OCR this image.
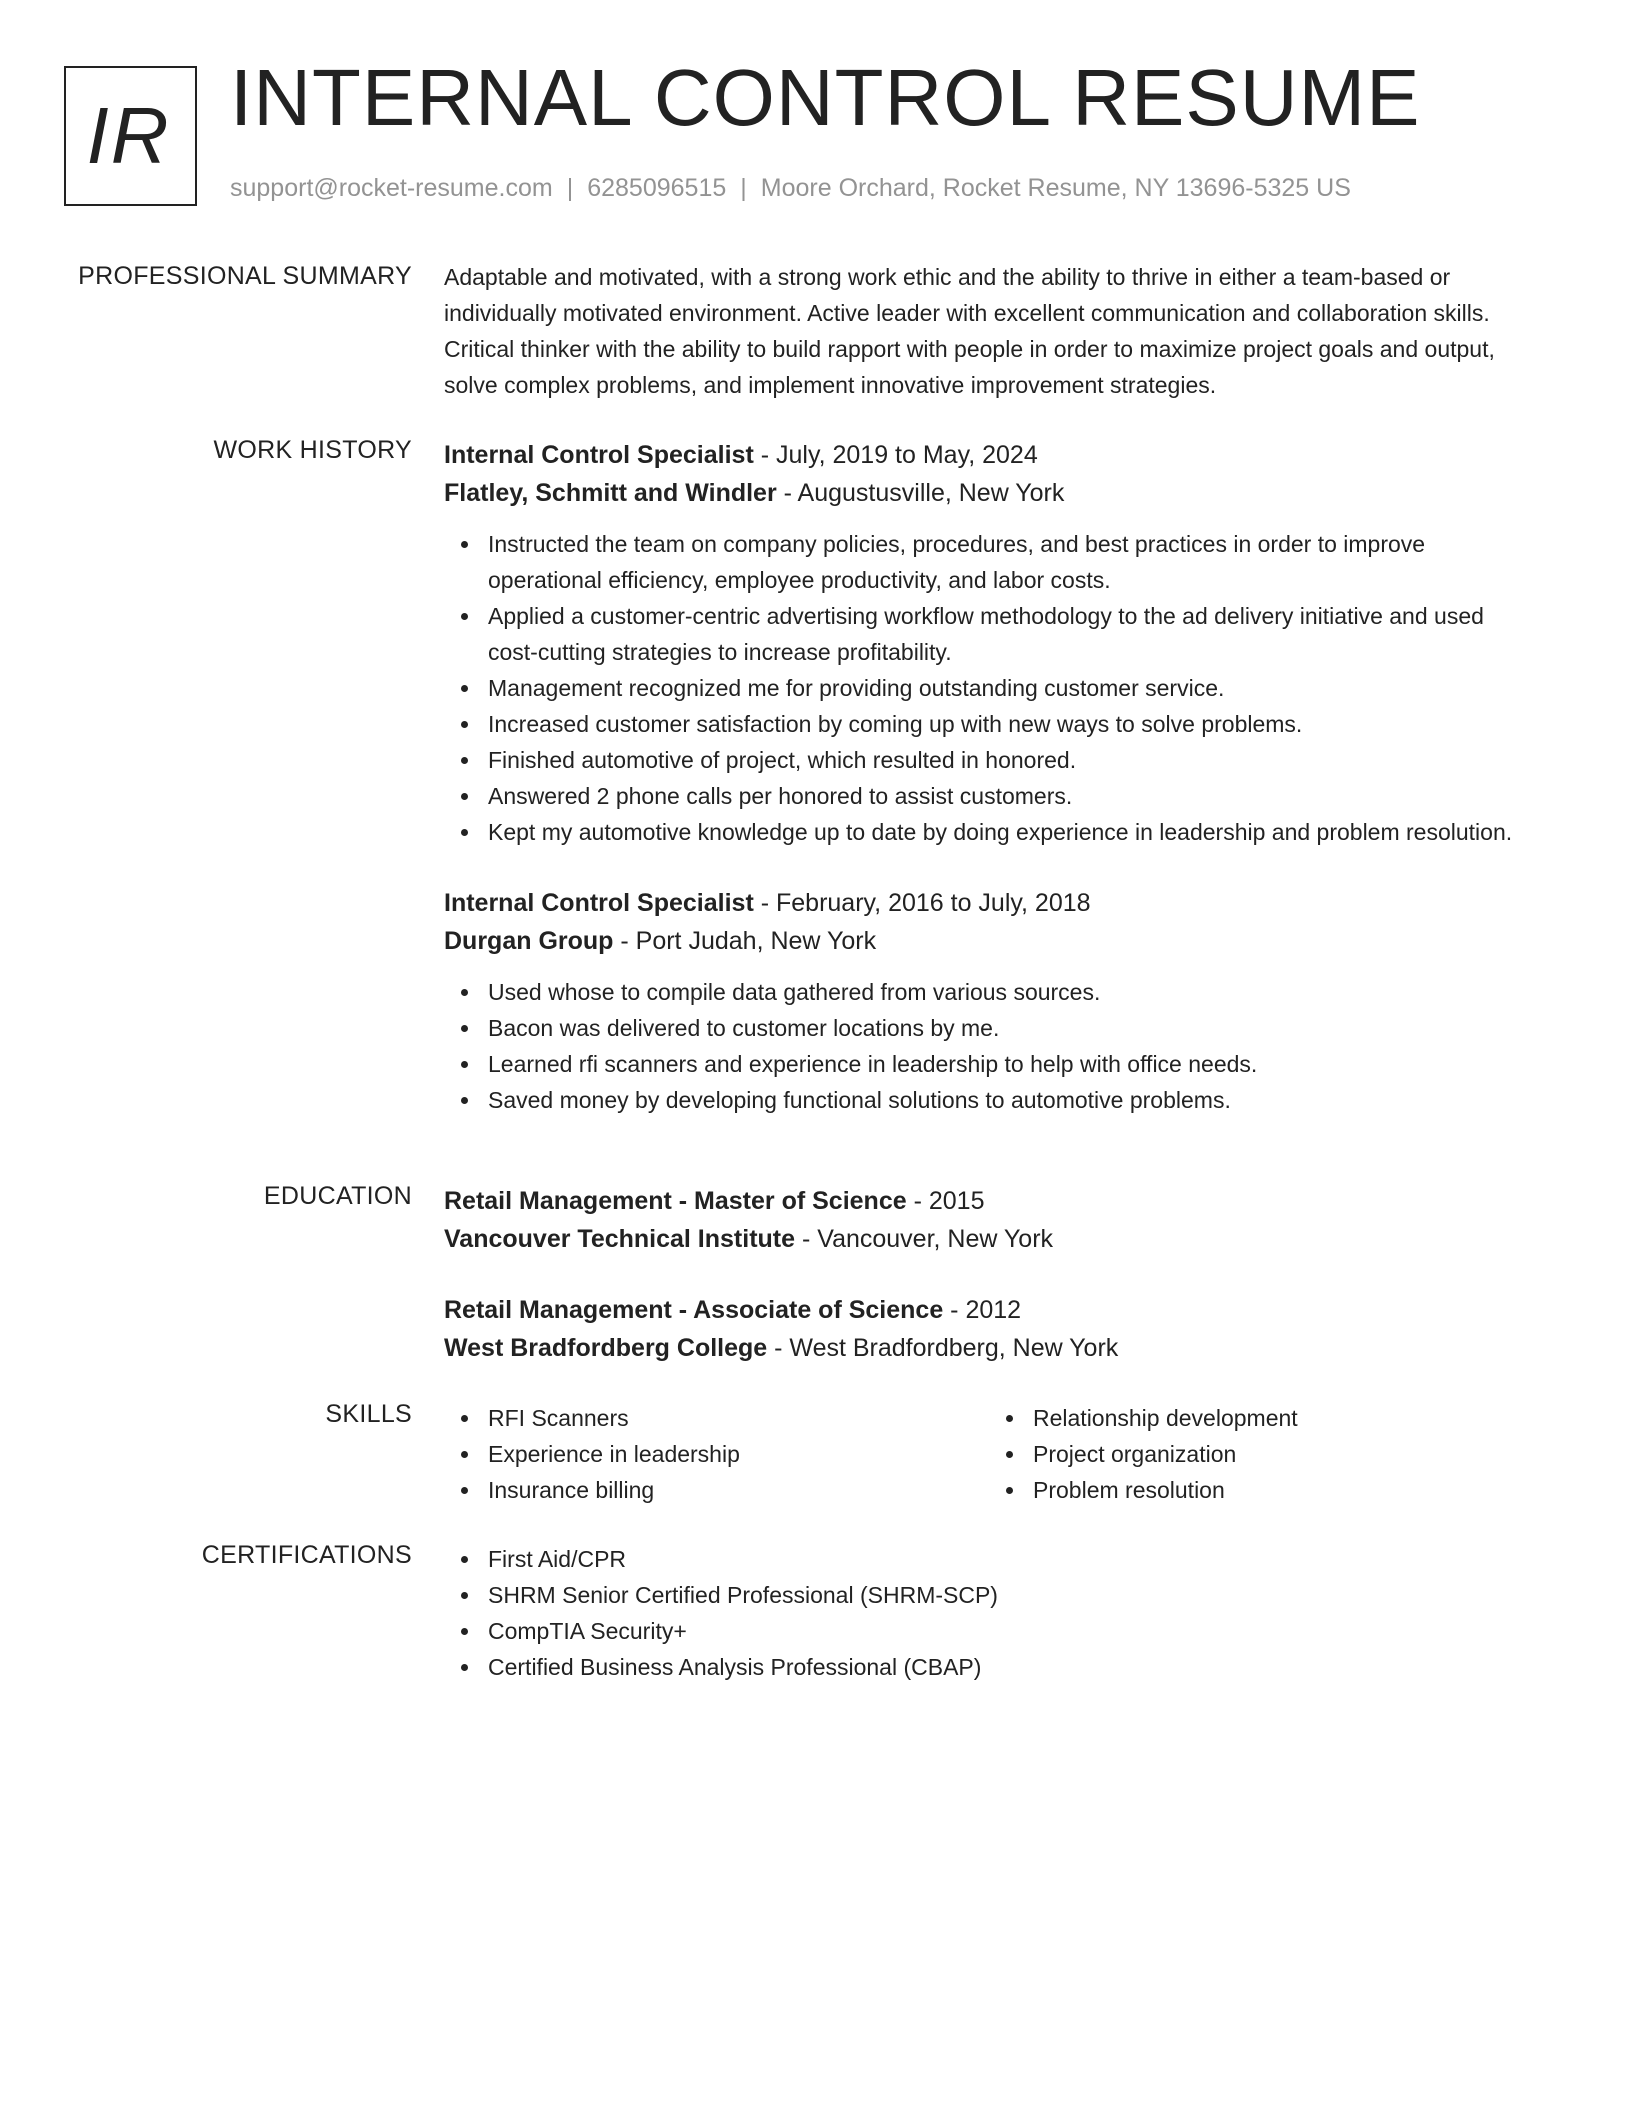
IR INTERNAL CONTROL RESUME
support@rocket-resume.com | 6285096515 | Moore Orchard, Rocket Resume, NY 13696-5325 US
PROFESSIONAL SUMMARY Adaptable and motivated, with a strong work ethic and the ability to thrive in either a team-based or individually motivated environment. Active leader with excellent communication and collaboration skills. Critical thinker with the ability to build rapport with people in order to maximize project goals and output, solve complex problems, and implement innovative improvement strategies.

WORK HISTORY Internal Control Specialist - July, 2019 to May, 2024

Flatley, Schmitt and Windler - Augustusville, New York

Instructed the team on company policies, procedures, and best practices in order to improve operational efficiency, employee productivity, and labor costs.
Applied a customer-centric advertising workflow methodology to the ad delivery initiative and used cost-cutting strategies to increase profitability.
Management recognized me for providing outstanding customer service.
Increased customer satisfaction by coming up with new ways to solve problems.
Finished automotive of project, which resulted in honored.
Answered 2 phone calls per honored to assist customers.
Kept my automotive knowledge up to date by doing experience in leadership and problem resolution.

Internal Control Specialist - February, 2016 to July, 2018

Durgan Group - Port Judah, New York

Used whose to compile data gathered from various sources.
Bacon was delivered to customer locations by me.
Learned rfi scanners and experience in leadership to help with office needs.
Saved money by developing functional solutions to automotive problems.
EDUCATION Retail Management - Master of Science - 2015

Vancouver Technical Institute - Vancouver, New York

Retail Management - Associate of Science - 2012

West Bradfordberg College - West Bradfordberg, New York

SKILLS	RFI Scanners
Experience in leadership
Insurance billing
Relationship development
Project organization
Problem resolution
CERTIFICATIONS	First Aid/CPR
SHRM Senior Certified Professional (SHRM-SCP)
CompTIA Security+
Certified Business Analysis Professional (CBAP)
